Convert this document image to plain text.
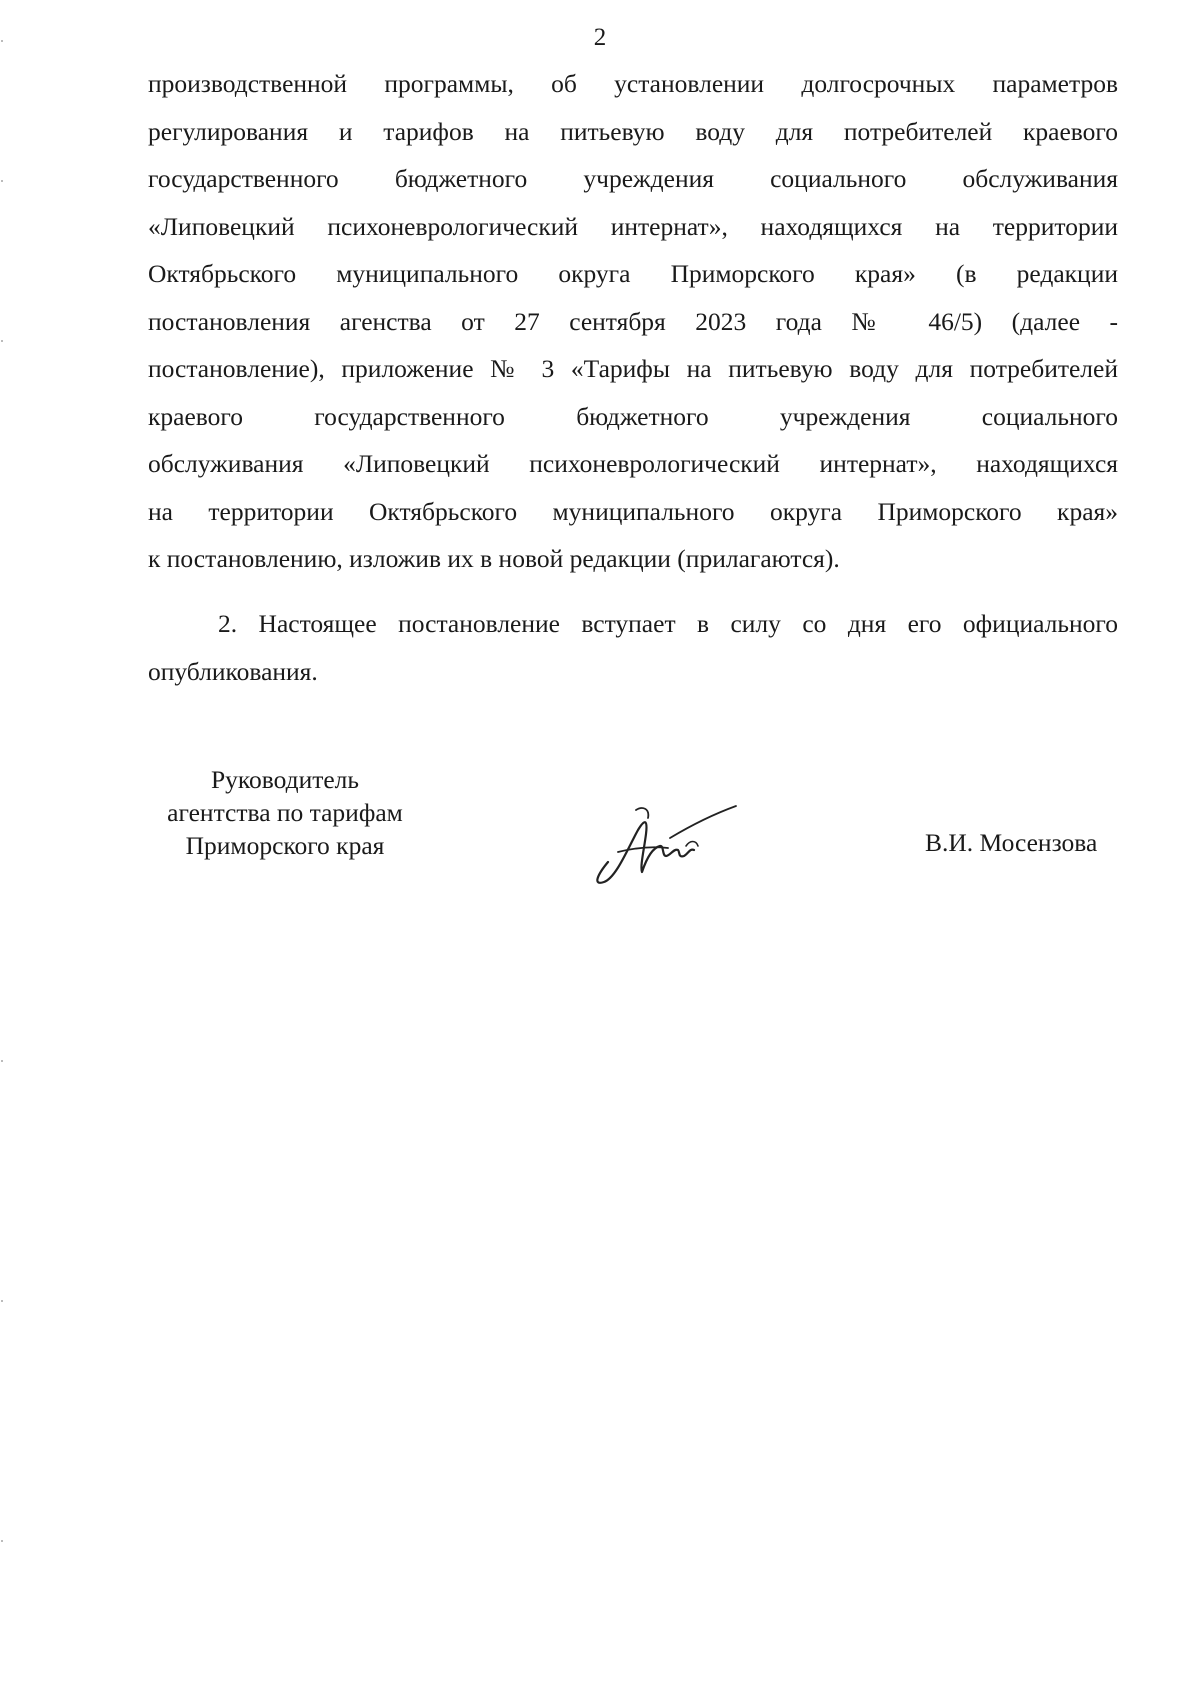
2
производственной программы, об установлении долгосрочных параметров
регулирования и тарифов на питьевую воду для потребителей краевого
государственного бюджетного учреждения социального обслуживания
«Липовецкий психоневрологический интернат», находящихся на территории
Октябрьского муниципального округа Приморского края» (в редакции
постановления агенства от 27 сентября 2023 года № 46/5) (далее -
постановление), приложение № 3 «Тарифы на питьевую воду для потребителей
краевого государственного бюджетного учреждения социального
обслуживания «Липовецкий психоневрологический интернат», находящихся
на территории Октябрьского муниципального округа Приморского края»
к постановлению, изложив их в новой редакции (прилагаются).
2. Настоящее постановление вступает в силу со дня его официального
опубликования.
Руководитель
агентства по тарифам
Приморского края	В.И. Мосензова
